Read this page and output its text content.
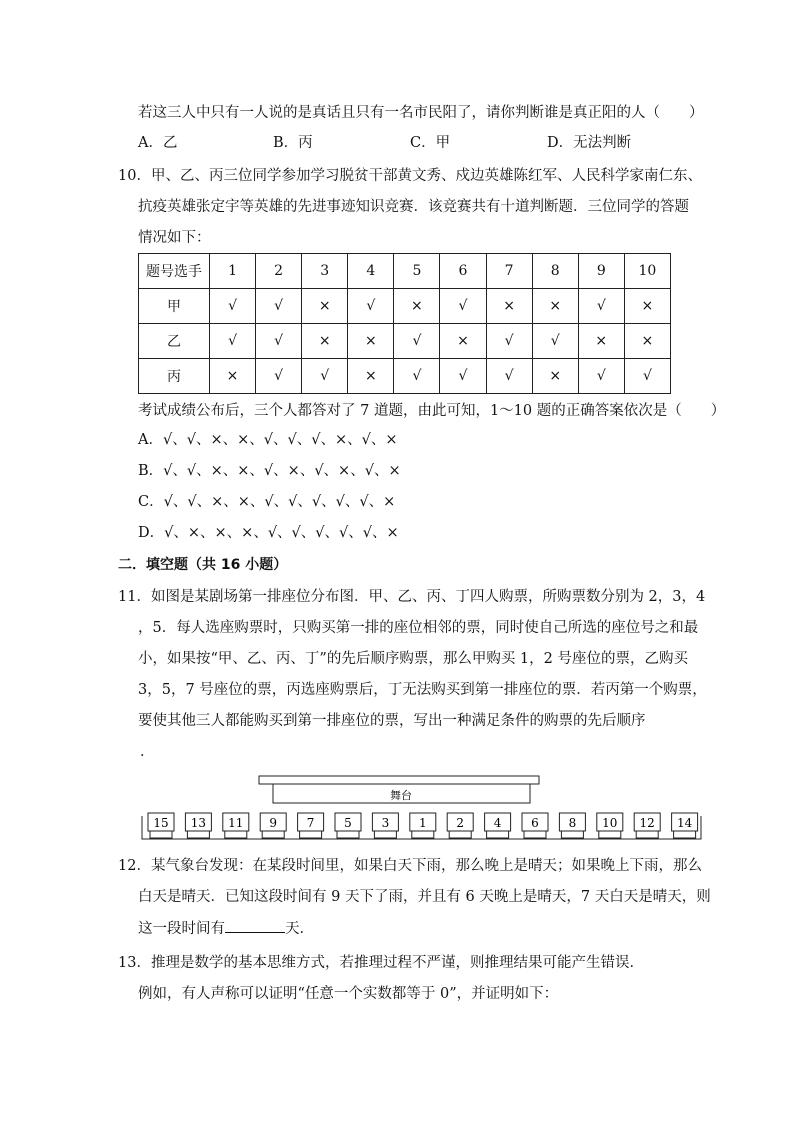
若这三人中只有一人说的是真话且只有一名市民阳了，请你判断谁是真正阳的人（　　）
A．乙	B．丙	C．甲	D．无法判断
10．甲、乙、丙三位同学参加学习脱贫干部黄文秀、戍边英雄陈红军、人民科学家南仁东、
抗疫英雄张定宇等英雄的先进事迹知识竞赛．该竞赛共有十道判断题．三位同学的答题
情况如下：
题号选手	1	2	3	4	5	6	7	8	9	10
甲	√	√	×	√	×	√	×	×	√	×
乙	√	√	×	×	√	×	√	√	×	×
丙	×	√	√	×	√	√	√	×	√	√
考试成绩公布后，三个人都答对了 7 道题，由此可知，1～10 题的正确答案依次是（　　）
A．√、√、×、×、√、√、√、×、√、×
B．√、√、×、×、√、×、√、×、√、×
C．√、√、×、×、√、√、√、√、√、×
D．√、×、×、×、√、√、√、√、√、×
二．填空题（共 16 小题）
11．如图是某剧场第一排座位分布图．甲、乙、丙、丁四人购票，所购票数分别为 2，3，4
，5．每人选座购票时，只购买第一排的座位相邻的票，同时使自己所选的座位号之和最
小，如果按“甲、乙、丙、丁”的先后顺序购票，那么甲购买 1，2 号座位的票，乙购买
3，5，7 号座位的票，丙选座购票后，丁无法购买到第一排座位的票．若丙第一个购票，
要使其他三人都能购买到第一排座位的票，写出一种满足条件的购票的先后顺序
．
舞台
15 13 11 9 7 5 3 1 2 4 6 8 10 12 14
12．某气象台发现：在某段时间里，如果白天下雨，那么晚上是晴天；如果晚上下雨，那么
白天是晴天．已知这段时间有 9 天下了雨，并且有 6 天晚上是晴天，7 天白天是晴天，则
这一段时间有	天．
13．推理是数学的基本思维方式，若推理过程不严谨，则推理结果可能产生错误．
例如，有人声称可以证明“任意一个实数都等于 0”，并证明如下：
